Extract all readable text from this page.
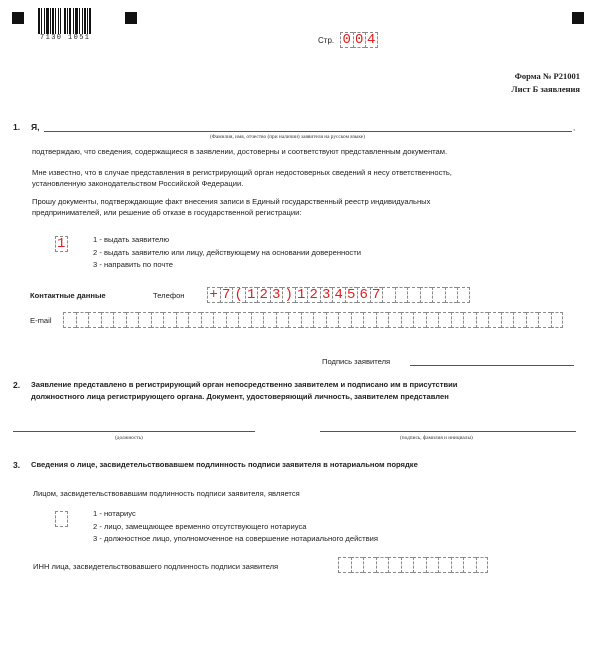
7130 1051	Стр. 0 0 4
Форма № Р21001
Лист Б заявления
1. Я,	,
(Фамилия, имя, отчество (при наличии) заявителя на русском языке)
подтверждаю, что сведения, содержащиеся в заявлении, достоверны и соответствуют представленным документам.
Мне известно, что в случае представления в регистрирующий орган недостоверных сведений я несу ответственность,
установленную законодательством Российской Федерации.
Прошу документы, подтверждающие факт внесения записи в Единый государственный реестр индивидуальных
предпринимателей, или решение об отказе в государственной регистрации:
1	1 - выдать заявителю
2 - выдать заявителю или лицу, действующему на основании доверенности
3 - направить по почте
Контактные данные	Телефон + 7 ( 1 2 3 ) 1 2 3 4 5 6 7
E-mail
Подпись заявителя
2. Заявление представлено в регистрирующий орган непосредственно заявителем и подписано им в присутствии
должностного лица регистрирующего органа. Документ, удостоверяющий личность, заявителем представлен
(должность)	(подпись, фамилия и инициалы)
3. Сведения о лице, засвидетельствовавшем подлинность подписи заявителя в нотариальном порядке
Лицом, засвидетельствовавшим подлинность подписи заявителя, является
1 - нотариус
2 - лицо, замещающее временно отсутствующего нотариуса
3 - должностное лицо, уполномоченное на совершение нотариального действия
ИНН лица, засвидетельствовавшего подлинность подписи заявителя
